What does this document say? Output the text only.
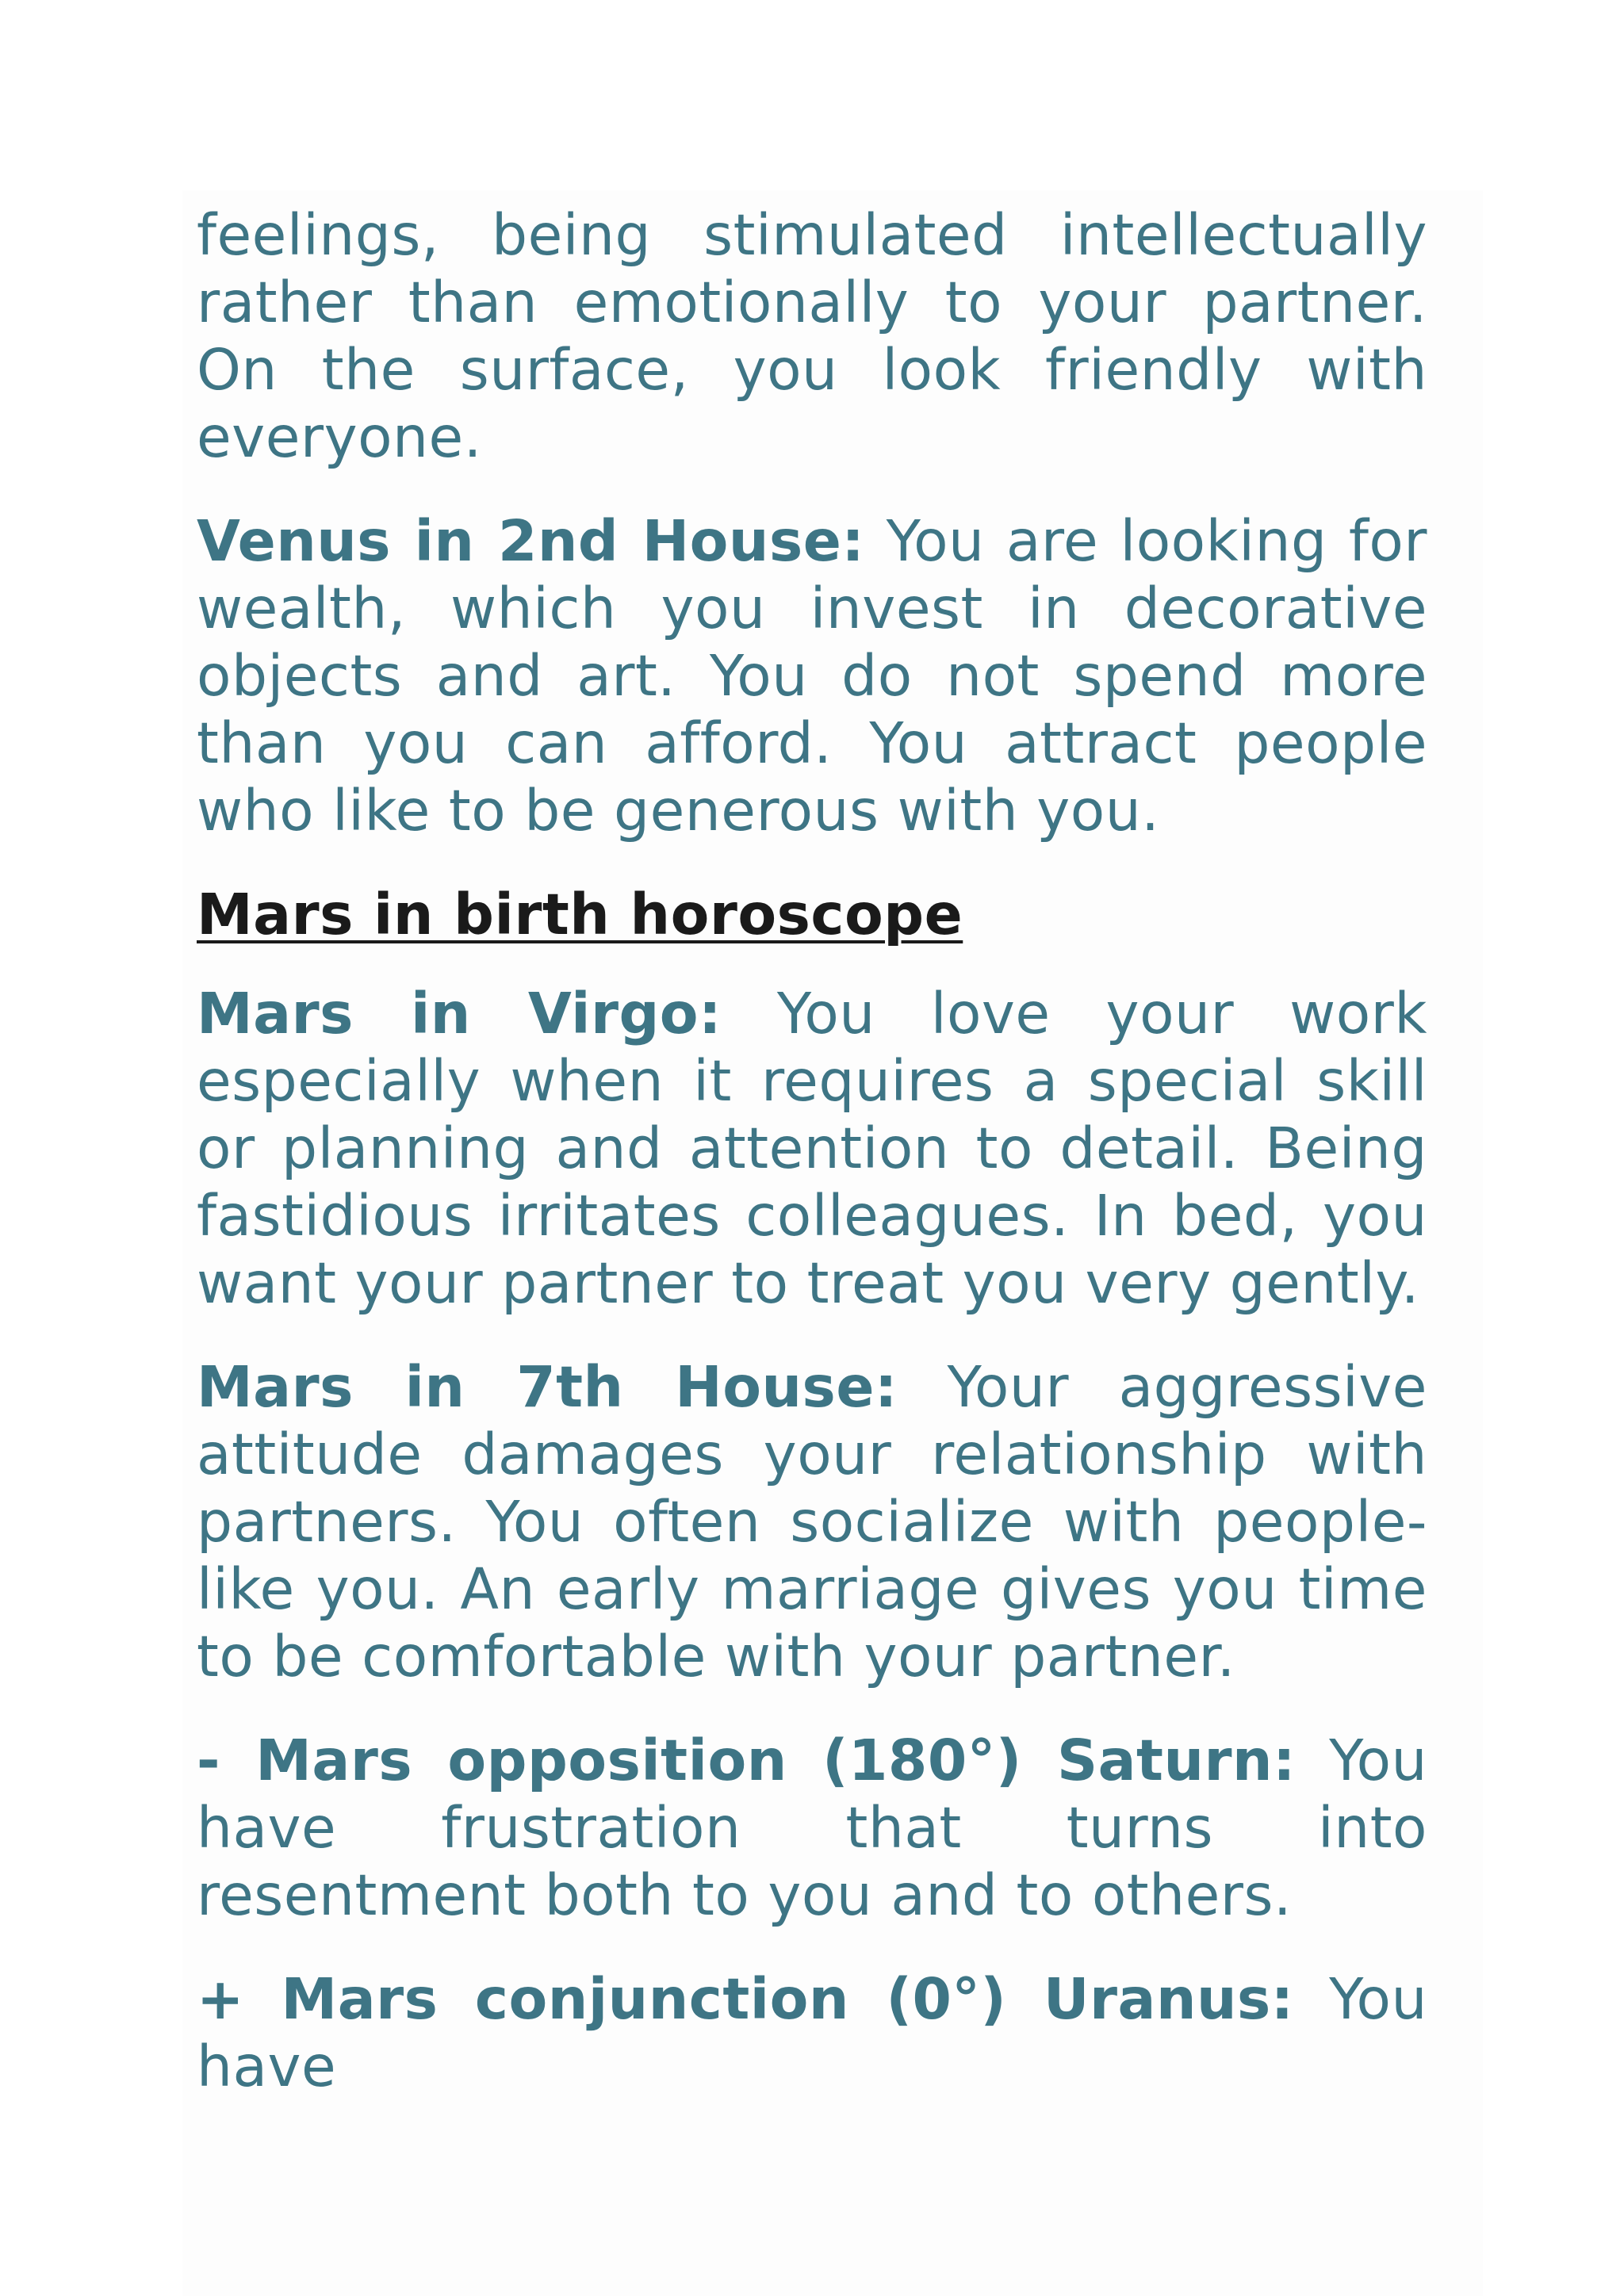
feelings, being stimulated intellectually rather than emotionally to your partner. On the surface, you look friendly with everyone.

Venus in 2nd House: You are looking for wealth, which you invest in decorative objects and art. You do not spend more than you can afford. You attract people who like to be generous with you.

Mars in birth horoscope

Mars in Virgo: You love your work especially when it requires a special skill or planning and attention to detail. Being fastidious irritates colleagues. In bed, you want your partner to treat you very gently.

Mars in 7th House: Your aggressive attitude damages your relationship with partners. You often socialize with people-like you. An early marriage gives you time to be comfortable with your partner.

- Mars opposition (180°) Saturn: You have frustration that turns into resentment both to you and to others.

+ Mars conjunction (0°) Uranus: You have
